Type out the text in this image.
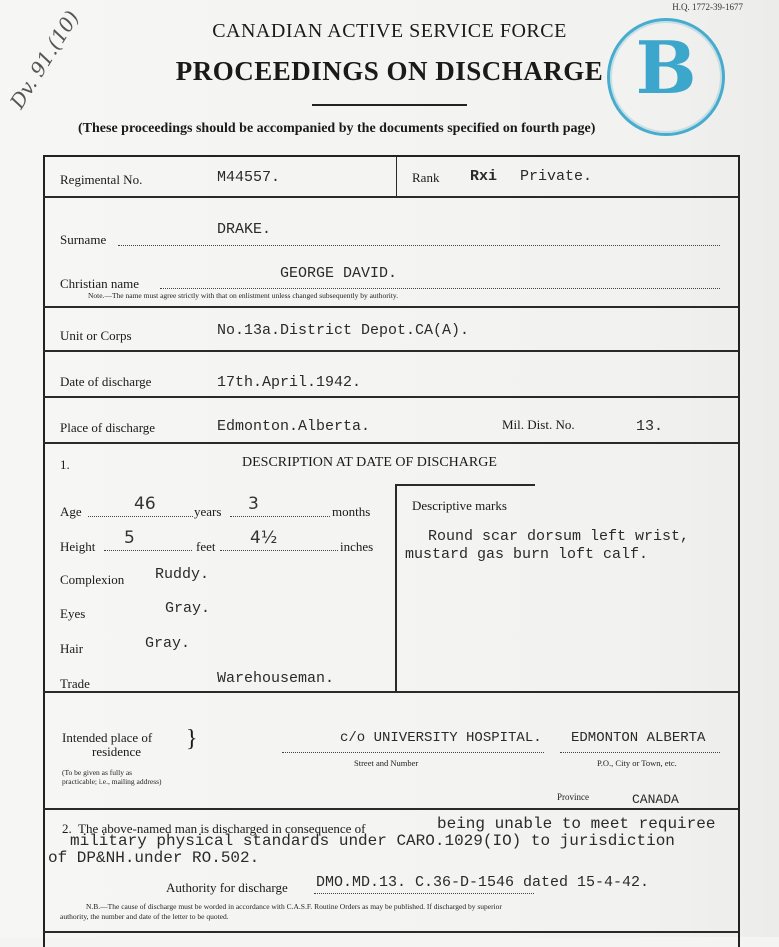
H.Q. 1772-39-1677
Dv. 91.(10)	CANADIAN ACTIVE SERVICE FORCE
PROCEEDINGS ON DISCHARGE B
(These proceedings should be accompanied by the documents specified on fourth page)
Regimental No.	M44557.	Rank Rxi Private.
DRAKE.
Surname
GEORGE DAVID.
Christian name
Note.—The name must agree strictly with that on enlistment unless changed subsequently by authority.
Unit or Corps	No.13a.District Depot.CA(A).

Date of discharge	17th.April.1942.
Place of discharge	Edmonton.Alberta.	Mil. Dist. No.	13.
1.	DESCRIPTION AT DATE OF DISCHARGE
Age	46	years 3	months
Height 5	feet 4½	inches
Complexion Ruddy.
Eyes	Gray.
Hair	Gray.
Trade	Warehouseman.
Descriptive marks
Round scar dorsum left wrist,
mustard gas burn loft calf.
Intended place of
residence }
(To be given as fully as practicable; i.e., mailing address)
c/o UNIVERSITY HOSPITAL. EDMONTON ALBERTA
Street and Number	P.O., City or Town, etc.
Province	CANADA
2. The above-named man is discharged in consequence of	being unable to meet requiree
military physical standards under CARO.1029(IO) to jurisdiction
of DP&NH.under RO.502.
Authority for discharge DMO.MD.13. C.36-D-1546 dated 15-4-42.
N.B.—The cause of discharge must be worded in accordance with C.A.S.F. Routine Orders as may be published. If discharged by superior
authority, the number and date of the letter to be quoted.
